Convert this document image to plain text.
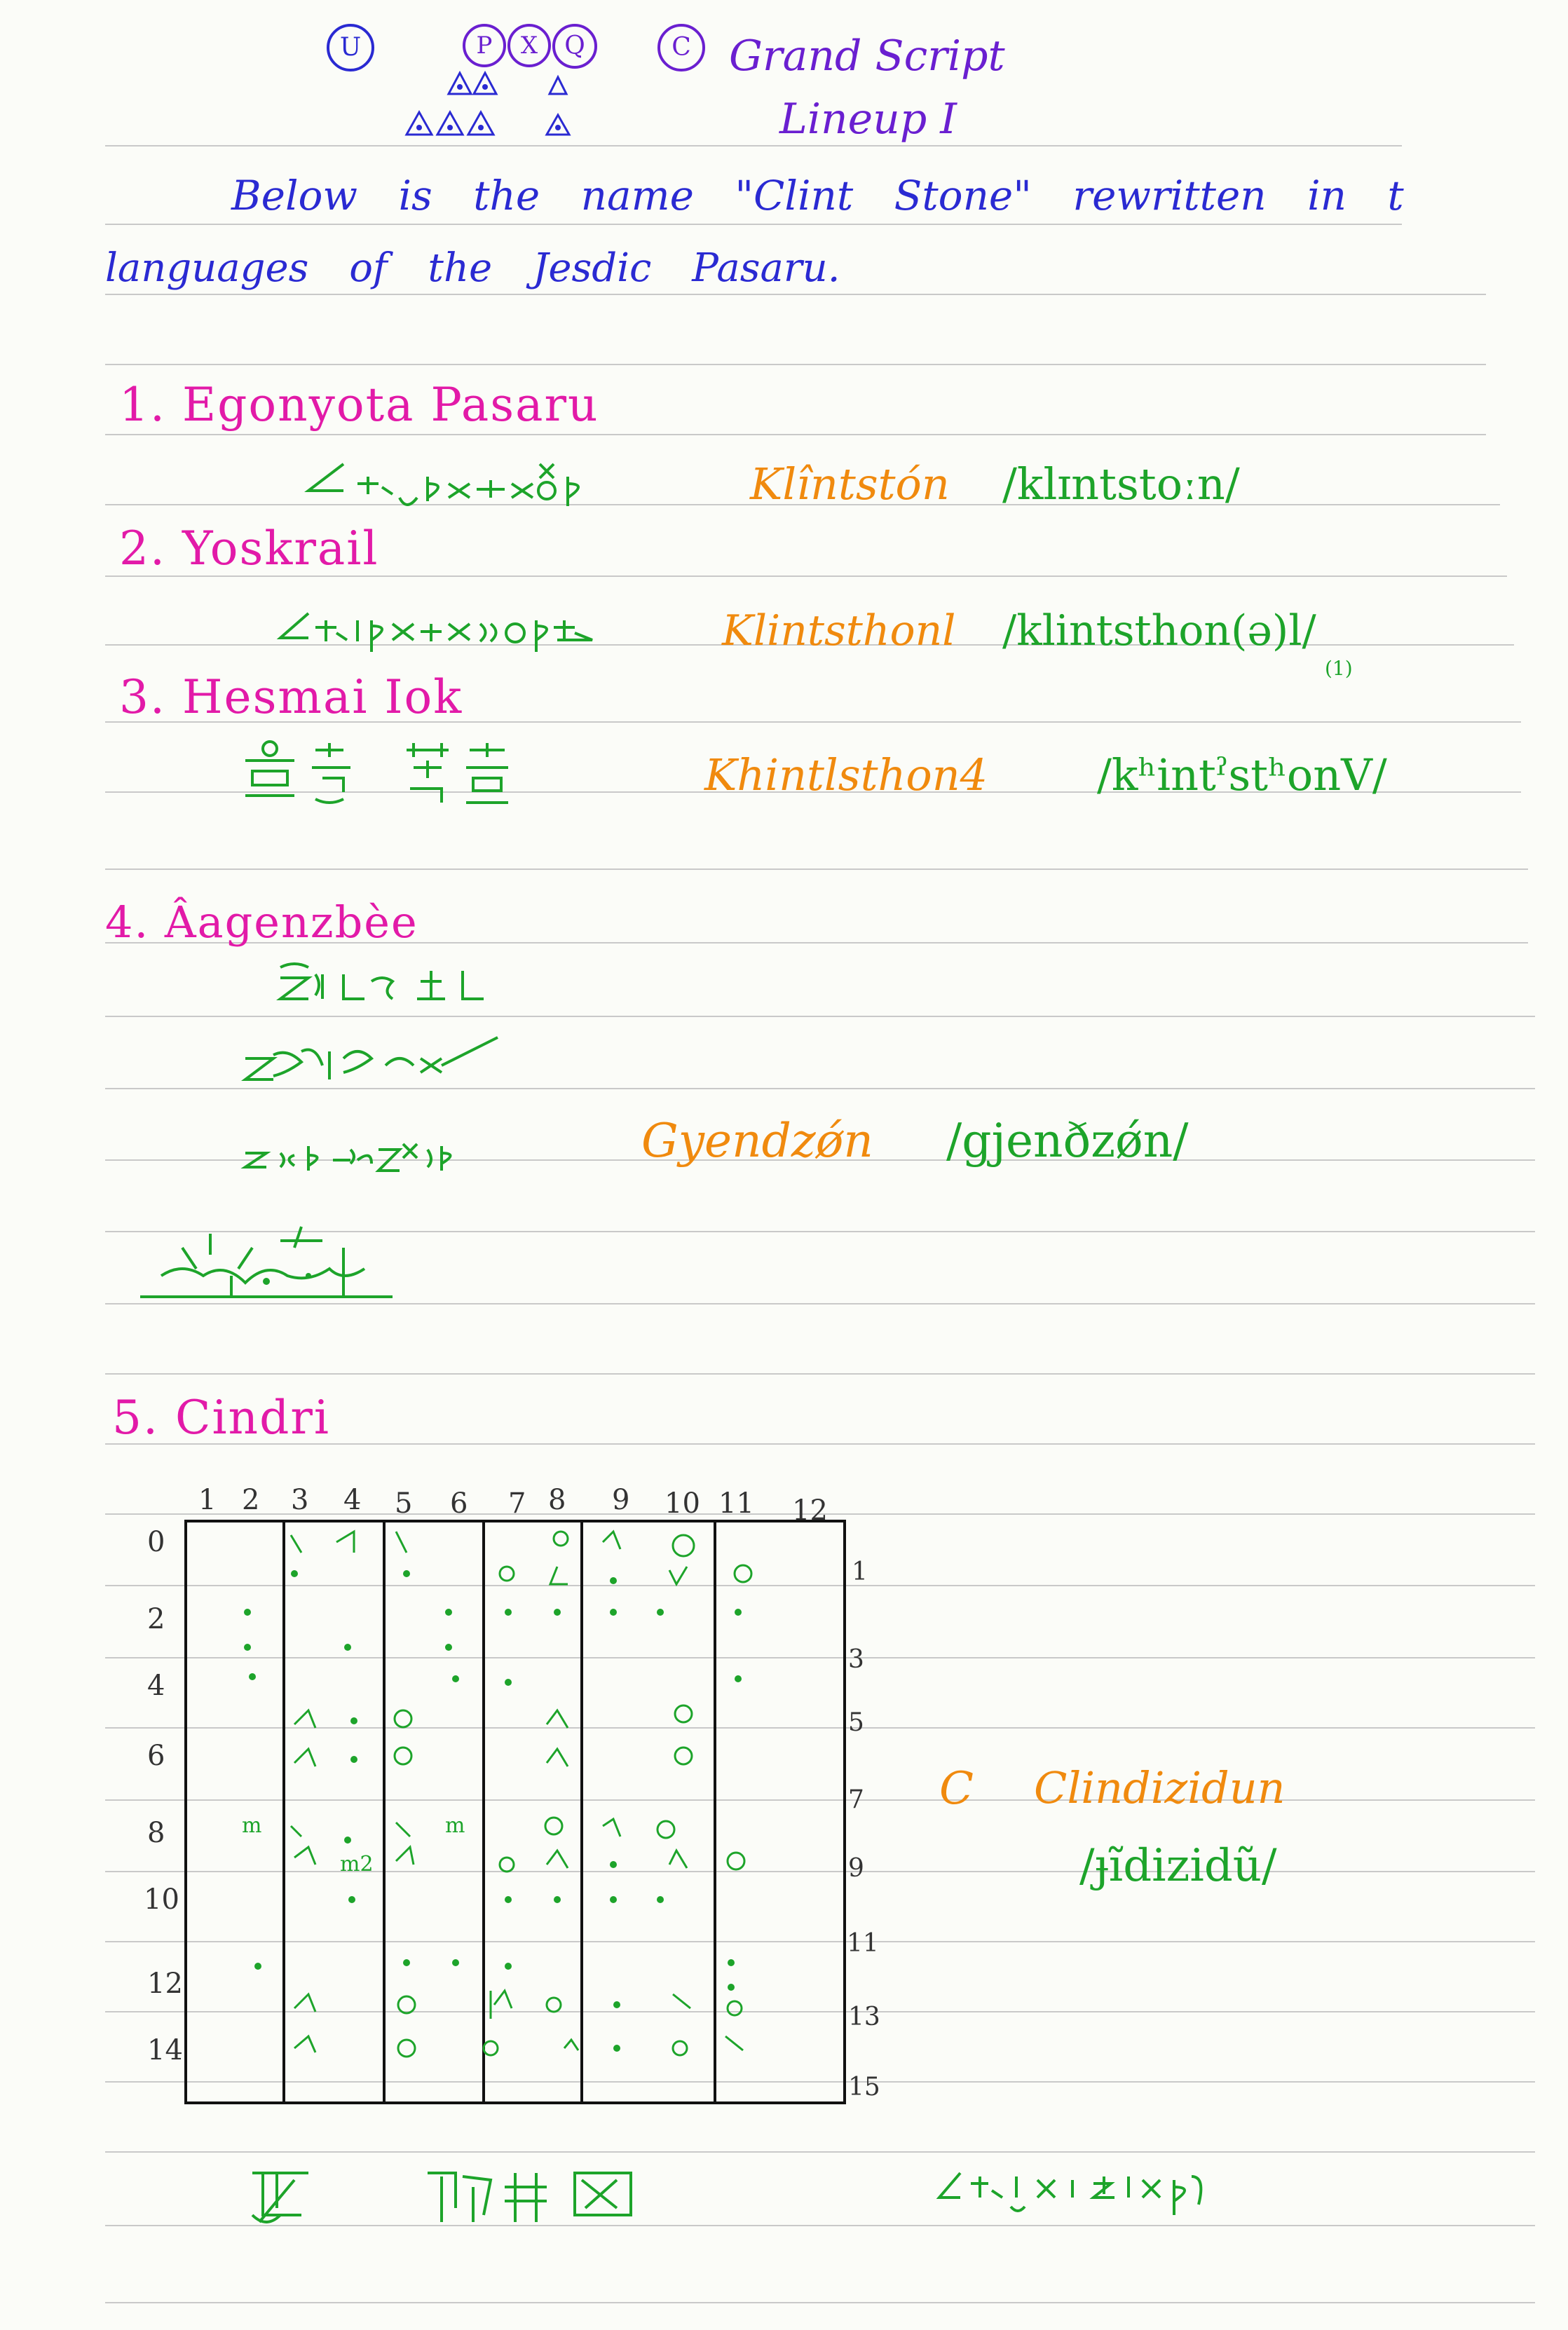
U	P	X	Q	C Grand Script
Lineup I
Below is the name "Clint Stone" rewritten in t
languages of the Jesdic Pasaru.
1. Egonyota Pasaru
Klîntstón /klɪntstoːn/
2. Yoskrail
Klintsthonl /klintsthon(ə)l/
(1)
3. Hesmai Iok
Khintlsthon4	/kʰintˀstʰonV/
4. Âagenzbèe
Gyendzǿn /gjenðzǿn/
5. Cindri
1 2 3 4 5 6 7 8 9 10 11 12
0
2
4
6
8
10
12
14
1
3
5
7
9
11
13
15
m	m
m2
C Clindizidun
/ɟĩdizidũ/
